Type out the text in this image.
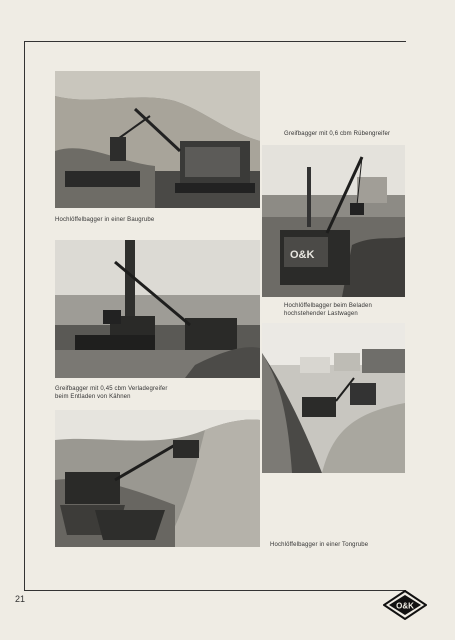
Hochlöffelbagger in einer Baugrube
Greifbagger mit 0,6 cbm Rübengreifer
O&K
Hochlöffelbagger beim Beladen
hochstehender Lastwagen
Greifbagger mit 0,45 cbm Verladegreifer
beim Entladen von Kähnen
Hochlöffelbagger in einer Tongrube
21
O&K
